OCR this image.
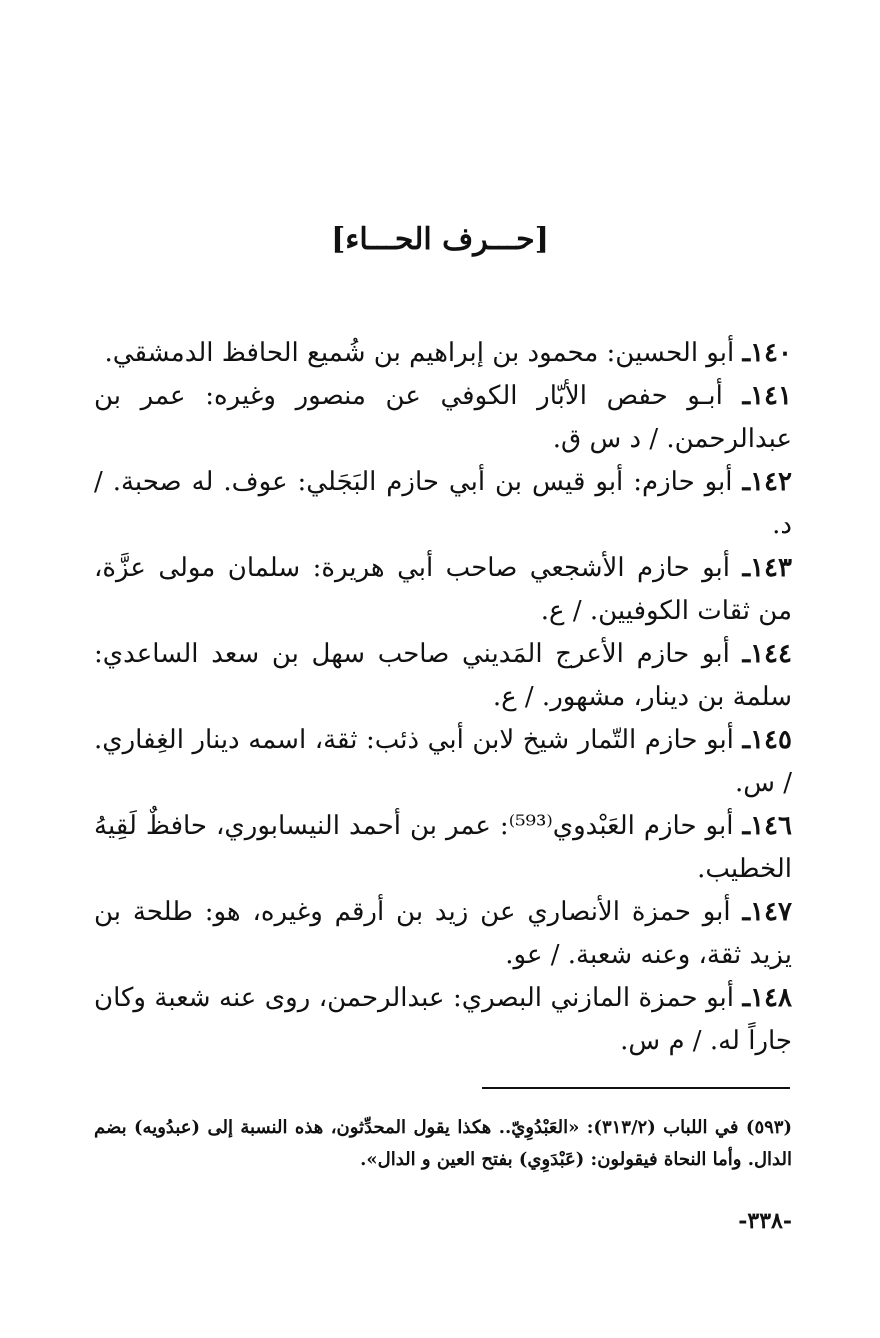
[حـــرف الحـــاء]

١٤٠ـ أبو الحسين: محمود بن إبراهيم بن شُميع الحافظ الدمشقي.

١٤١ـ أبـو حفص الأبّار الكوفي عن منصور وغيره: عمر بن عبدالرحمن. / د س ق.

١٤٢ـ أبو حازم: أبو قيس بن أبي حازم البَجَلي: عوف. له صحبة. / د.

١٤٣ـ أبو حازم الأشجعي صاحب أبي هريرة: سلمان مولى عزَّة، من ثقات الكوفيين. / ع.

١٤٤ـ أبو حازم الأعرج المَديني صاحب سهل بن سعد الساعدي: سلمة بن دينار، مشهور. / ع.

١٤٥ـ أبو حازم التّمار شيخ لابن أبي ذئب: ثقة، اسمه دينار الغِفاري. / س.

١٤٦ـ أبو حازم العَبْدوي⁽⁵⁹³⁾: عمر بن أحمد النيسابوري، حافظٌ لَقِيهُ الخطيب.

١٤٧ـ أبو حمزة الأنصاري عن زيد بن أرقم وغيره، هو: طلحة بن يزيد ثقة، وعنه شعبة. / عو.

١٤٨ـ أبو حمزة المازني البصري: عبدالرحمن، روى عنه شعبة وكان جاراً له. / م س.

(٥٩٣) في اللباب (٣١٣/٢): «العَبْدُوِيّ.. هكذا يقول المحدِّثون، هذه النسبة إلى (عبدُويه) بضم الدال. وأما النحاة فيقولون: (عَبْدَوِي) بفتح العين و الدال».

-٣٣٨-
